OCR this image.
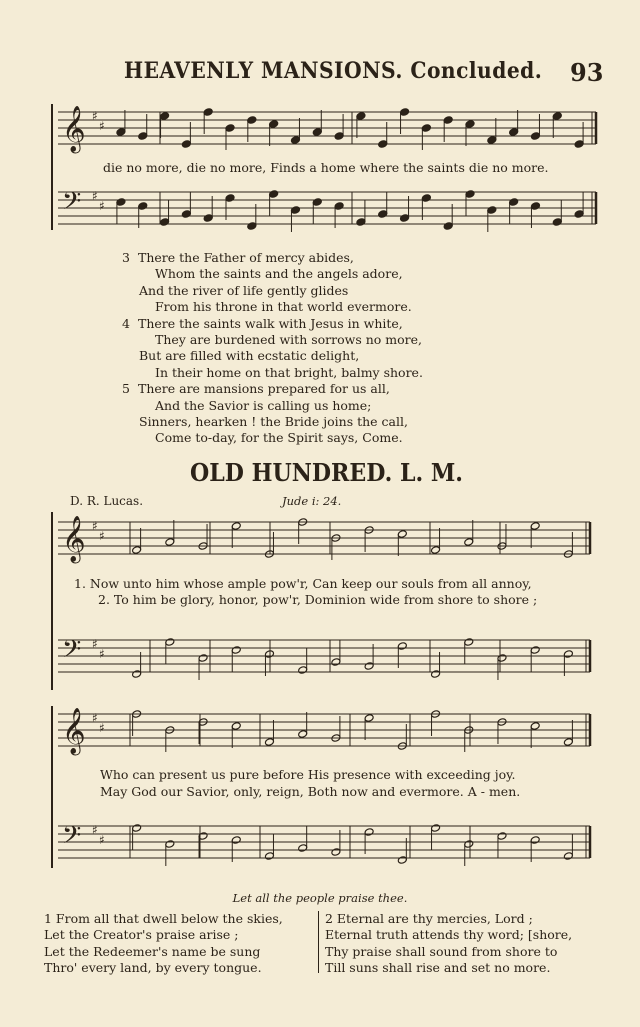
HEAVENLY MANSIONS. Concluded. 93
𝄞 ♯
♯
𝄢 ♯
♯
𝄞 ♯
♯
𝄢 ♯
♯
𝄞 ♯
♯
𝄢 ♯
♯
die no more, die no more, Finds a home where the saints die no more.
3 There the Father of mercy abides,
Whom the saints and the angels adore,
And the river of life gently glides
From his throne in that world evermore.
4 There the saints walk with Jesus in white,
They are burdened with sorrows no more,
But are filled with ecstatic delight,
In their home on that bright, balmy shore.
5 There are mansions prepared for us all,
And the Savior is calling us home;
Sinners, hearken ! the Bride joins the call,
Come to-day, for the Spirit says, Come.
OLD HUNDRED. L. M.
D. R. Lucas.	Jude i: 24.
1. Now unto him whose ample pow'r, Can keep our souls from all annoy,
2. To him be glory, honor, pow'r, Dominion wide from shore to shore ;
Who can present us pure before His presence with exceeding joy.
May God our Savior, only, reign, Both now and evermore. A - men.
Let all the people praise thee.
1 From all that dwell below the skies,
Let the Creator's praise arise ;
Let the Redeemer's name be sung
Thro' every land, by every tongue.
2 Eternal are thy mercies, Lord ;
Eternal truth attends thy word; [shore,
Thy praise shall sound from shore to
Till suns shall rise and set no more.
